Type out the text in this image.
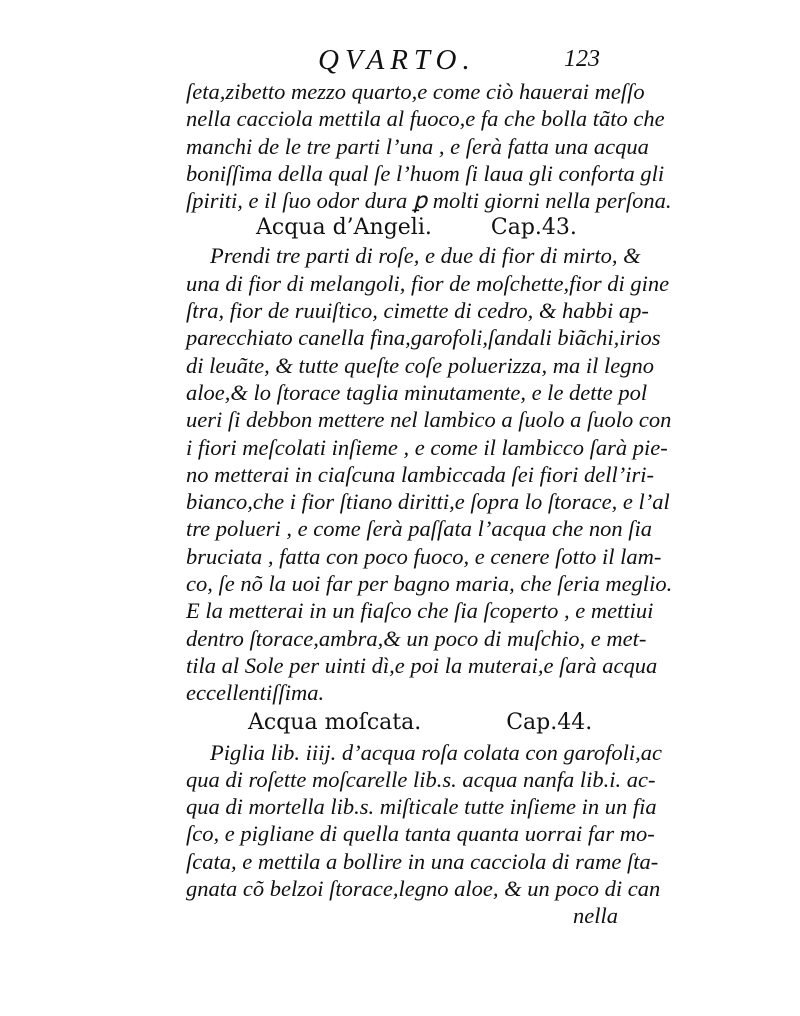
QVARTO.	123
ſeta,zibetto mezzo quarto,e come ciò hauerai meſſo
nella cacciola mettila al fuoco,e fa che bolla tãto che
manchi de le tre parti l’una , e ſerà fatta una acqua
boniſſima della qual ſe l’huom ſi laua gli conforta gli
ſpiriti, e il ſuo odor dura ꝑ molti giorni nella perſona.
Acqua d’Angeli.	Cap.43.
Prendi tre parti di roſe, e due di fior di mirto, &
una di fior di melangoli, fior de moſchette,fior di gine
ſtra, fior de ruuiſtico, cimette di cedro, & habbi ap-
parecchiato canella fina,garofoli,ſandali biãchi,irios
di leuãte, & tutte queſte coſe poluerizza, ma il legno
aloe,& lo ſtorace taglia minutamente, e le dette pol
ueri ſi debbon mettere nel lambico a ſuolo a ſuolo con
i fiori meſcolati inſieme , e come il lambicco ſarà pie-
no metterai in ciaſcuna lambiccada ſei fiori dell’iri-
bianco,che i fior ſtiano diritti,e ſopra lo ſtorace, e l’al
tre polueri , e come ſerà paſſata l’acqua che non ſia
bruciata , fatta con poco fuoco, e cenere ſotto il lam-
co, ſe nõ la uoi far per bagno maria, che ſeria meglio.
E la metterai in un fiaſco che ſia ſcoperto , e mettiui
dentro ſtorace,ambra,& un poco di muſchio, e met-
tila al Sole per uinti dì,e poi la muterai,e ſarà acqua
eccellentiſſima.
Acqua moſcata.	Cap.44.
Piglia lib. iiij. d’acqua roſa colata con garofoli,ac
qua di roſette moſcarelle lib.s. acqua nanfa lib.i. ac-
qua di mortella lib.s. miſticale tutte inſieme in un fia
ſco, e pigliane di quella tanta quanta uorrai far mo-
ſcata, e mettila a bollire in una cacciola di rame ſta-
gnata cõ belzoi ſtorace,legno aloe, & un poco di can
nella
